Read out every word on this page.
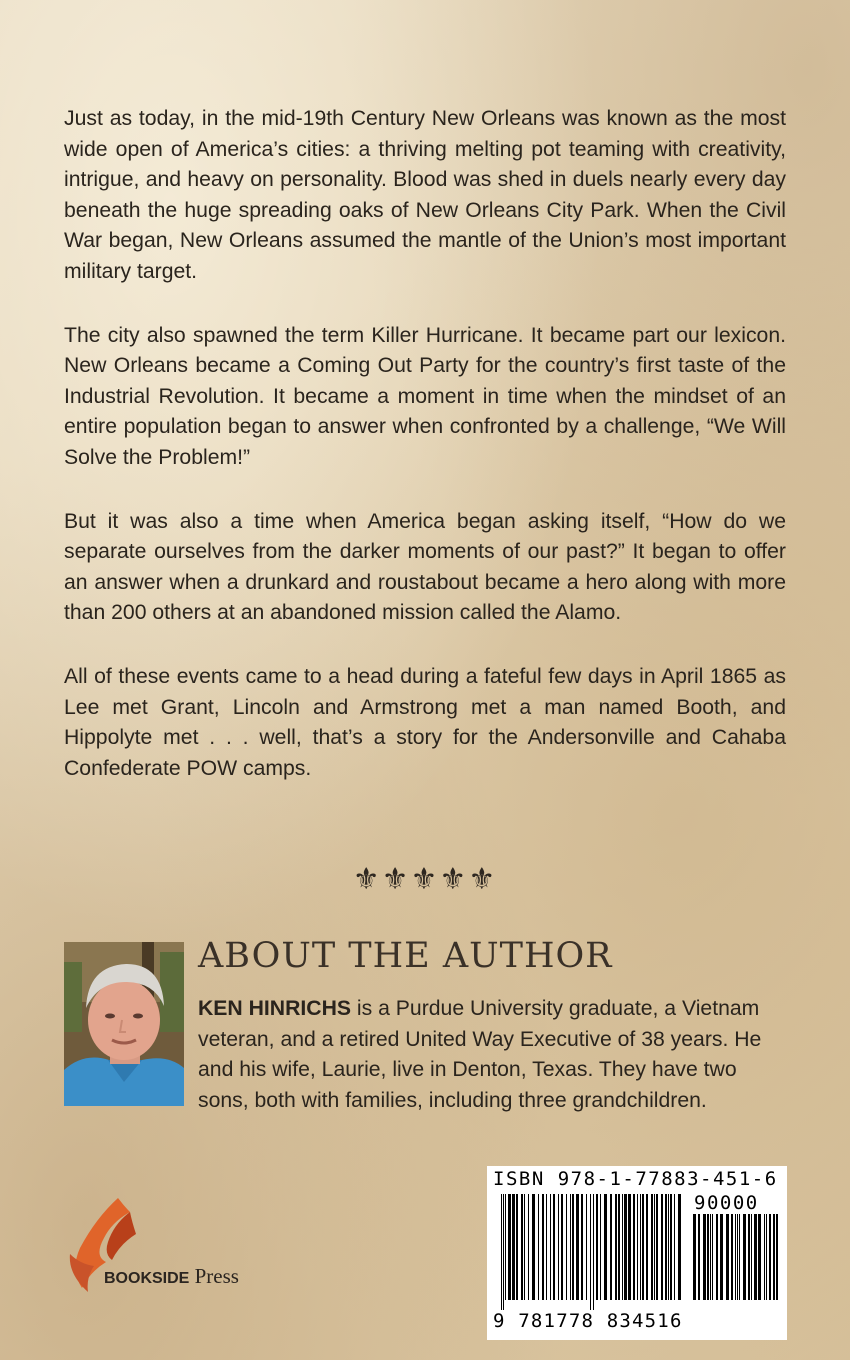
Just as today, in the mid-19th Century New Orleans was known as the most wide open of America’s cities: a thriving melting pot teaming with creativity, intrigue, and heavy on personality. Blood was shed in duels nearly every day beneath the huge spreading oaks of New Orleans City Park. When the Civil War began, New Orleans assumed the mantle of the Union’s most important military target.

The city also spawned the term Killer Hurricane. It became part our lexicon. New Orleans became a Coming Out Party for the country’s first taste of the Industrial Revolution. It became a moment in time when the mindset of an entire population began to answer when confronted by a challenge, “We Will Solve the Problem!”

But it was also a time when America began asking itself, “How do we separate ourselves from the darker moments of our past?” It began to offer an answer when a drunkard and roustabout became a hero along with more than 200 others at an abandoned mission called the Alamo.

All of these events came to a head during a fateful few days in April 1865 as Lee met Grant, Lincoln and Armstrong met a man named Booth, and Hippolyte met . . . well, that’s a story for the Andersonville and Cahaba Confederate POW camps.

⚜⚜⚜⚜⚜
ABOUT THE AUTHOR

KEN HINRICHS is a Purdue University graduate, a Vietnam veteran, and a retired United Way Executive of 38 years. He and his wife, Laurie, live in Denton, Texas. They have two sons, both with families, including three grandchildren.

BOOKSIDE Press
ISBN 978-1-77883-451-6
90000
9 781778 834516
